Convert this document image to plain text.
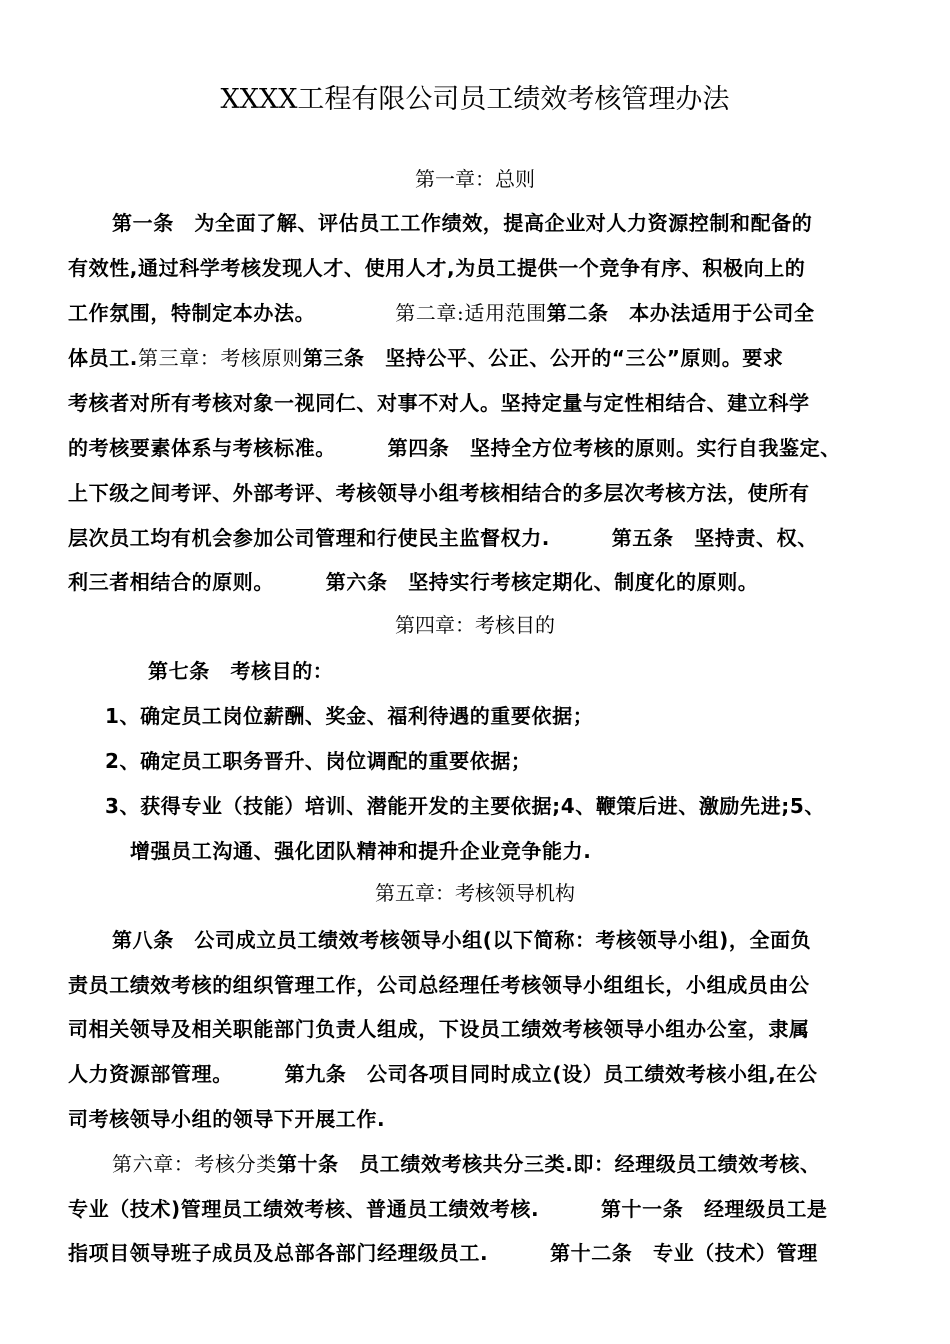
XXXX工程有限公司员工绩效考核管理办法
第一章：总则
第一条　为全面了解、评估员工工作绩效，提高企业对人力资源控制和配备的
有效性,通过科学考核发现人才、使用人才,为员工提供一个竞争有序、积极向上的
工作氛围，特制定本办法。	第二章:适用范围第二条　本办法适用于公司全
体员工.第三章：考核原则第三条　坚持公平、公正、公开的“三公”原则。要求
考核者对所有考核对象一视同仁、对事不对人。坚持定量与定性相结合、建立科学
的考核要素体系与考核标准。　　　第四条　坚持全方位考核的原则。实行自我鉴定、
上下级之间考评、外部考评、考核领导小组考核相结合的多层次考核方法，使所有
层次员工均有机会参加公司管理和行使民主监督权力.　　　第五条　坚持责、权、
利三者相结合的原则。　　　第六条　坚持实行考核定期化、制度化的原则。
第四章：考核目的
第七条　考核目的：
1、确定员工岗位薪酬、奖金、福利待遇的重要依据；
2、确定员工职务晋升、岗位调配的重要依据；
3、获得专业（技能）培训、潜能开发的主要依据;4、鞭策后进、激励先进;5、
增强员工沟通、强化团队精神和提升企业竞争能力.
第五章：考核领导机构
第八条　公司成立员工绩效考核领导小组(以下简称：考核领导小组)，全面负
责员工绩效考核的组织管理工作，公司总经理任考核领导小组组长，小组成员由公
司相关领导及相关职能部门负责人组成，下设员工绩效考核领导小组办公室，隶属
人力资源部管理。　　　第九条　公司各项目同时成立(设）员工绩效考核小组,在公
司考核领导小组的领导下开展工作.
第六章：考核分类第十条　员工绩效考核共分三类.即：经理级员工绩效考核、
专业（技术)管理员工绩效考核、普通员工绩效考核.　　　第十一条　经理级员工是
指项目领导班子成员及总部各部门经理级员工.　　　第十二条　专业（技术）管理
